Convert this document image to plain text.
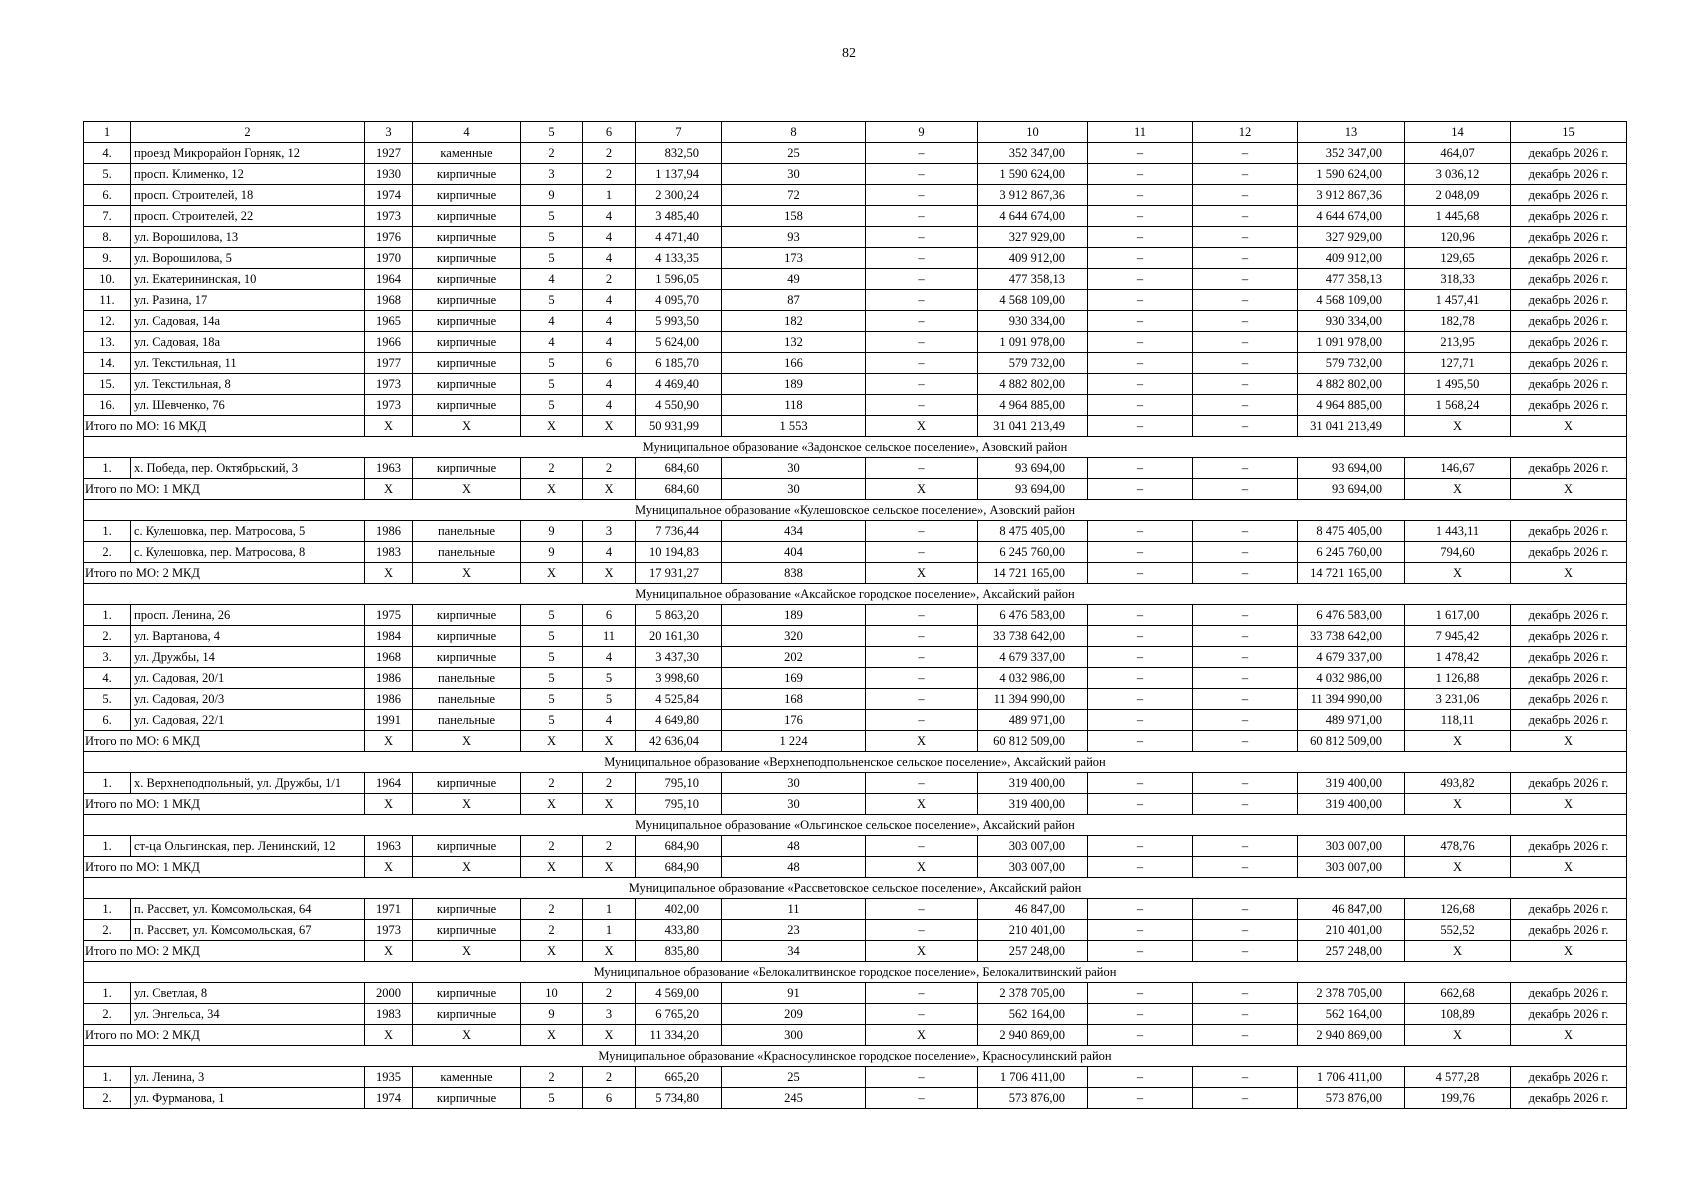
82
1	2	3	4	5	6	7	8	9	10	11	12	13	14	15
4.	проезд Микрорайон Горняк, 12	1927	каменные	2	2	832,50	25	–	352 347,00	–	–	352 347,00	464,07	декабрь 2026 г.
5.	просп. Клименко, 12	1930	кирпичные	3	2	1 137,94	30	–	1 590 624,00	–	–	1 590 624,00	3 036,12	декабрь 2026 г.
6.	просп. Строителей, 18	1974	кирпичные	9	1	2 300,24	72	–	3 912 867,36	–	–	3 912 867,36	2 048,09	декабрь 2026 г.
7.	просп. Строителей, 22	1973	кирпичные	5	4	3 485,40	158	–	4 644 674,00	–	–	4 644 674,00	1 445,68	декабрь 2026 г.
8.	ул. Ворошилова, 13	1976	кирпичные	5	4	4 471,40	93	–	327 929,00	–	–	327 929,00	120,96	декабрь 2026 г.
9.	ул. Ворошилова, 5	1970	кирпичные	5	4	4 133,35	173	–	409 912,00	–	–	409 912,00	129,65	декабрь 2026 г.
10.	ул. Екатерининская, 10	1964	кирпичные	4	2	1 596,05	49	–	477 358,13	–	–	477 358,13	318,33	декабрь 2026 г.
11.	ул. Разина, 17	1968	кирпичные	5	4	4 095,70	87	–	4 568 109,00	–	–	4 568 109,00	1 457,41	декабрь 2026 г.
12.	ул. Садовая, 14а	1965	кирпичные	4	4	5 993,50	182	–	930 334,00	–	–	930 334,00	182,78	декабрь 2026 г.
13.	ул. Садовая, 18а	1966	кирпичные	4	4	5 624,00	132	–	1 091 978,00	–	–	1 091 978,00	213,95	декабрь 2026 г.
14.	ул. Текстильная, 11	1977	кирпичные	5	6	6 185,70	166	–	579 732,00	–	–	579 732,00	127,71	декабрь 2026 г.
15.	ул. Текстильная, 8	1973	кирпичные	5	4	4 469,40	189	–	4 882 802,00	–	–	4 882 802,00	1 495,50	декабрь 2026 г.
16.	ул. Шевченко, 76	1973	кирпичные	5	4	4 550,90	118	–	4 964 885,00	–	–	4 964 885,00	1 568,24	декабрь 2026 г.
Итого по МО: 16 МКД		X	X	X	X	50 931,99	1 553	X	31 041 213,49	–	–	31 041 213,49	X	X
Муниципальное образование «Задонское сельское поселение», Азовский район														
1.	х. Победа, пер. Октябрьский, 3	1963	кирпичные	2	2	684,60	30	–	93 694,00	–	–	93 694,00	146,67	декабрь 2026 г.
Итого по МО: 1 МКД		X	X	X	X	684,60	30	X	93 694,00	–	–	93 694,00	X	X
Муниципальное образование «Кулешовское сельское поселение», Азовский район														
1.	с. Кулешовка, пер. Матросова, 5	1986	панельные	9	3	7 736,44	434	–	8 475 405,00	–	–	8 475 405,00	1 443,11	декабрь 2026 г.
2.	с. Кулешовка, пер. Матросова, 8	1983	панельные	9	4	10 194,83	404	–	6 245 760,00	–	–	6 245 760,00	794,60	декабрь 2026 г.
Итого по МО: 2 МКД		X	X	X	X	17 931,27	838	X	14 721 165,00	–	–	14 721 165,00	X	X
Муниципальное образование «Аксайское городское поселение», Аксайский район														
1.	просп. Ленина, 26	1975	кирпичные	5	6	5 863,20	189	–	6 476 583,00	–	–	6 476 583,00	1 617,00	декабрь 2026 г.
2.	ул. Вартанова, 4	1984	кирпичные	5	11	20 161,30	320	–	33 738 642,00	–	–	33 738 642,00	7 945,42	декабрь 2026 г.
3.	ул. Дружбы, 14	1968	кирпичные	5	4	3 437,30	202	–	4 679 337,00	–	–	4 679 337,00	1 478,42	декабрь 2026 г.
4.	ул. Садовая, 20/1	1986	панельные	5	5	3 998,60	169	–	4 032 986,00	–	–	4 032 986,00	1 126,88	декабрь 2026 г.
5.	ул. Садовая, 20/3	1986	панельные	5	5	4 525,84	168	–	11 394 990,00	–	–	11 394 990,00	3 231,06	декабрь 2026 г.
6.	ул. Садовая, 22/1	1991	панельные	5	4	4 649,80	176	–	489 971,00	–	–	489 971,00	118,11	декабрь 2026 г.
Итого по МО: 6 МКД		X	X	X	X	42 636,04	1 224	X	60 812 509,00	–	–	60 812 509,00	X	X
Муниципальное образование «Верхнеподпольненское сельское поселение», Аксайский район														
1.	х. Верхнеподпольный, ул. Дружбы, 1/1	1964	кирпичные	2	2	795,10	30	–	319 400,00	–	–	319 400,00	493,82	декабрь 2026 г.
Итого по МО: 1 МКД		X	X	X	X	795,10	30	X	319 400,00	–	–	319 400,00	X	X
Муниципальное образование «Ольгинское сельское поселение», Аксайский район														
1.	ст-ца Ольгинская, пер. Ленинский, 12	1963	кирпичные	2	2	684,90	48	–	303 007,00	–	–	303 007,00	478,76	декабрь 2026 г.
Итого по МО: 1 МКД		X	X	X	X	684,90	48	X	303 007,00	–	–	303 007,00	X	X
Муниципальное образование «Рассветовское сельское поселение», Аксайский район														
1.	п. Рассвет, ул. Комсомольская, 64	1971	кирпичные	2	1	402,00	11	–	46 847,00	–	–	46 847,00	126,68	декабрь 2026 г.
2.	п. Рассвет, ул. Комсомольская, 67	1973	кирпичные	2	1	433,80	23	–	210 401,00	–	–	210 401,00	552,52	декабрь 2026 г.
Итого по МО: 2 МКД		X	X	X	X	835,80	34	X	257 248,00	–	–	257 248,00	X	X
Муниципальное образование «Белокалитвинское городское поселение», Белокалитвинский район														
1.	ул. Светлая, 8	2000	кирпичные	10	2	4 569,00	91	–	2 378 705,00	–	–	2 378 705,00	662,68	декабрь 2026 г.
2.	ул. Энгельса, 34	1983	кирпичные	9	3	6 765,20	209	–	562 164,00	–	–	562 164,00	108,89	декабрь 2026 г.
Итого по МО: 2 МКД		X	X	X	X	11 334,20	300	X	2 940 869,00	–	–	2 940 869,00	X	X
Муниципальное образование «Красносулинское городское поселение», Красносулинский район														
1.	ул. Ленина, 3	1935	каменные	2	2	665,20	25	–	1 706 411,00	–	–	1 706 411,00	4 577,28	декабрь 2026 г.
2.	ул. Фурманова, 1	1974	кирпичные	5	6	5 734,80	245	–	573 876,00	–	–	573 876,00	199,76	декабрь 2026 г.
